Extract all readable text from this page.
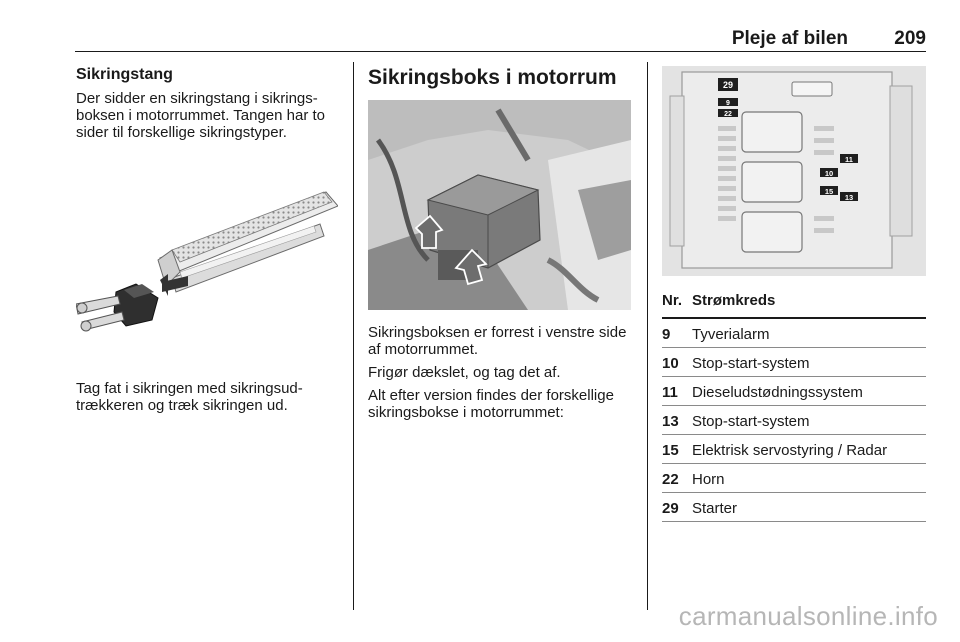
Pleje af bilen 209
Sikringstang

Der sidder en sikringstang i sikrings-boksen i motorrummet. Tangen har to sider til forskellige sikringstyper.

Tag fat i sikringen med sikringsud-trækkeren og træk sikringen ud.

Sikringsboks i motorrum

Sikringsboksen er forrest i venstre side af motorrummet.

Frigør dækslet, og tag det af.

Alt efter version findes der forskellige sikringsbokse i motorrummet:

29
9
22
11
10
15
13
Nr. Strømkreds
9 Tyverialarm
10 Stop-start-system
11 Dieseludstødningssystem
13 Stop-start-system
15 Elektrisk servostyring / Radar
22 Horn
29 Starter
carmanualsonline.info
